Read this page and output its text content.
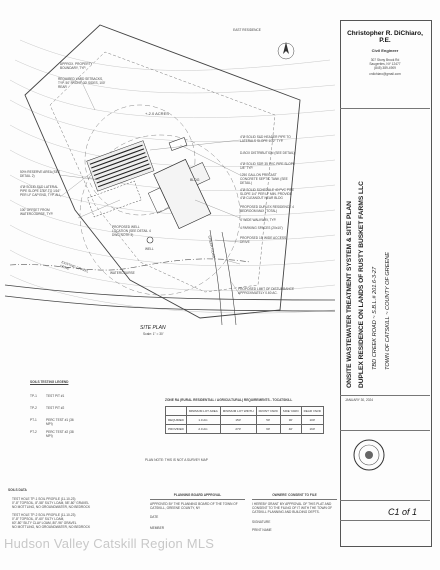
EAST RESIDENCE
+-2.0 ACRES
BLDG
WELL
APPROX. PROPERTY BOUNDARY, TYP.
REQUIRED YARD SETBACKS, TYP. 50' FRONT, 30' SIDES, 100' REAR
50% RESERVE AREA (SEE DETAIL 2)
4"Ø SOLID S&D LATERAL PIPE SLOPE 1/32" TO 1/16" PER LF CAP END, TYP. ALL
100' OFFSET FROM WATERCOURSE, TYP.
PROPOSED WELL LOCATION (SEE DETAIL 4 DWG NOTE 3)
4"Ø SOLID S&D HEADER PIPE TO LATERALS SLOPE 1/32" TYP.
D-BOX DISTRIBUTION (SEE DETAIL)
4"Ø SOLID SDR 35 PVC PIPE SLOPE 1/8" TYP.
1250 GALLON PRECAST CONCRETE SEPTIC TANK (SEE DETAIL)
4"Ø SOLID SCHEDULE 40 PVC PIPE SLOPE 1/4" PER LF MIN. PROVIDE 4"Ø CLEANOUT NEAR BLDG
PROPOSED DUPLEX RESIDENCE 4 BEDROOM MAX (TOTAL)
4' WIDE WALKWAY, TYP.
4 PARKING SPACES (20x10')
PROPOSED 15' WIDE ACCESS DRIVE
PROPOSED LIMIT OF DISTURBANCE APPROXIMATELY 0.60 AC.
EXISTING GRAVEL DRIVE
CREEK ROAD
WATERCOURSE
SITE PLAN
Scale: 1" = 30'
Christopher R. DiChiaro, P.E.
Civil Engineer
307 Stony Brook Rd
Saugerties, NY 12477
(845) 389-4909
crdichiaro@gmail.com
ONSITE WASTEWATER TREATMENT SYSTEM & SITE PLAN DUPLEX RESIDENCE ON LANDS OF RUSTY BUSKET FARMS LLC TBD CREEK ROAD ~ S.B.L.# 201.6-3-27 TOWN OF CATSKILL ~ COUNTY OF GREENE
JANUARY 30, 2024
C1 of 1
SOILS TESTING LEGEND
TP-1	TEST PIT #1
TP-2	TEST PIT #2
PT-1	PERC TEST #1 (36 MPI)
PT-2	PERC TEST #2 (38 MPI)
SOILS DATA
TEST HOLE TP-1 SOIL PROFILE (11-10-23)
0"-8" TOPSOIL, 8"-58" SILTY LOAM, 58"-80" GRAVEL
NO MOTTLING, NO GROUNDWATER, NO BEDROCK
TEST HOLE TP-2 SOIL PROFILE (11-10-23)
0"-8" TOPSOIL, 8"-60" SILTY LOAM,
60"-80" SILTY CLAY LOAM, 80"-96" GRAVEL
NO MOTTLING, NO GROUNDWATER, NO BEDROCK
ZONE RA (RURAL RESIDENTIAL / AGRICULTURAL) REQUIREMENTS - TOCATSKILL
	MINIMUM LOT AREA	MINIMUM LOT WIDTH	FRONT YARD	SIDE YARD	REAR YARD
REQUIRED	1.0 AC.	150'	50'	30'	100'
PROVIDED	2.0 AC.	270'	60'	40'	160'
PLAN NOTE: THIS IS NOT A SURVEY MAP
PLANNING BOARD APPROVAL
APPROVED BY THE PLANNING BOARD OF THE TOWN OF CATSKILL, GREENE COUNTY, NY
DATE
MEMBER
OWNERS' CONSENT TO FILE
I HEREBY GRANT MY APPROVAL OF THIS PLAT AND CONSENT TO THE FILING OF IT WITH THE TOWN OF CATSKILL PLANNING AND BUILDING DEPTS.
SIGNATURE
PRINT NAME
Hudson Valley Catskill Region MLS
